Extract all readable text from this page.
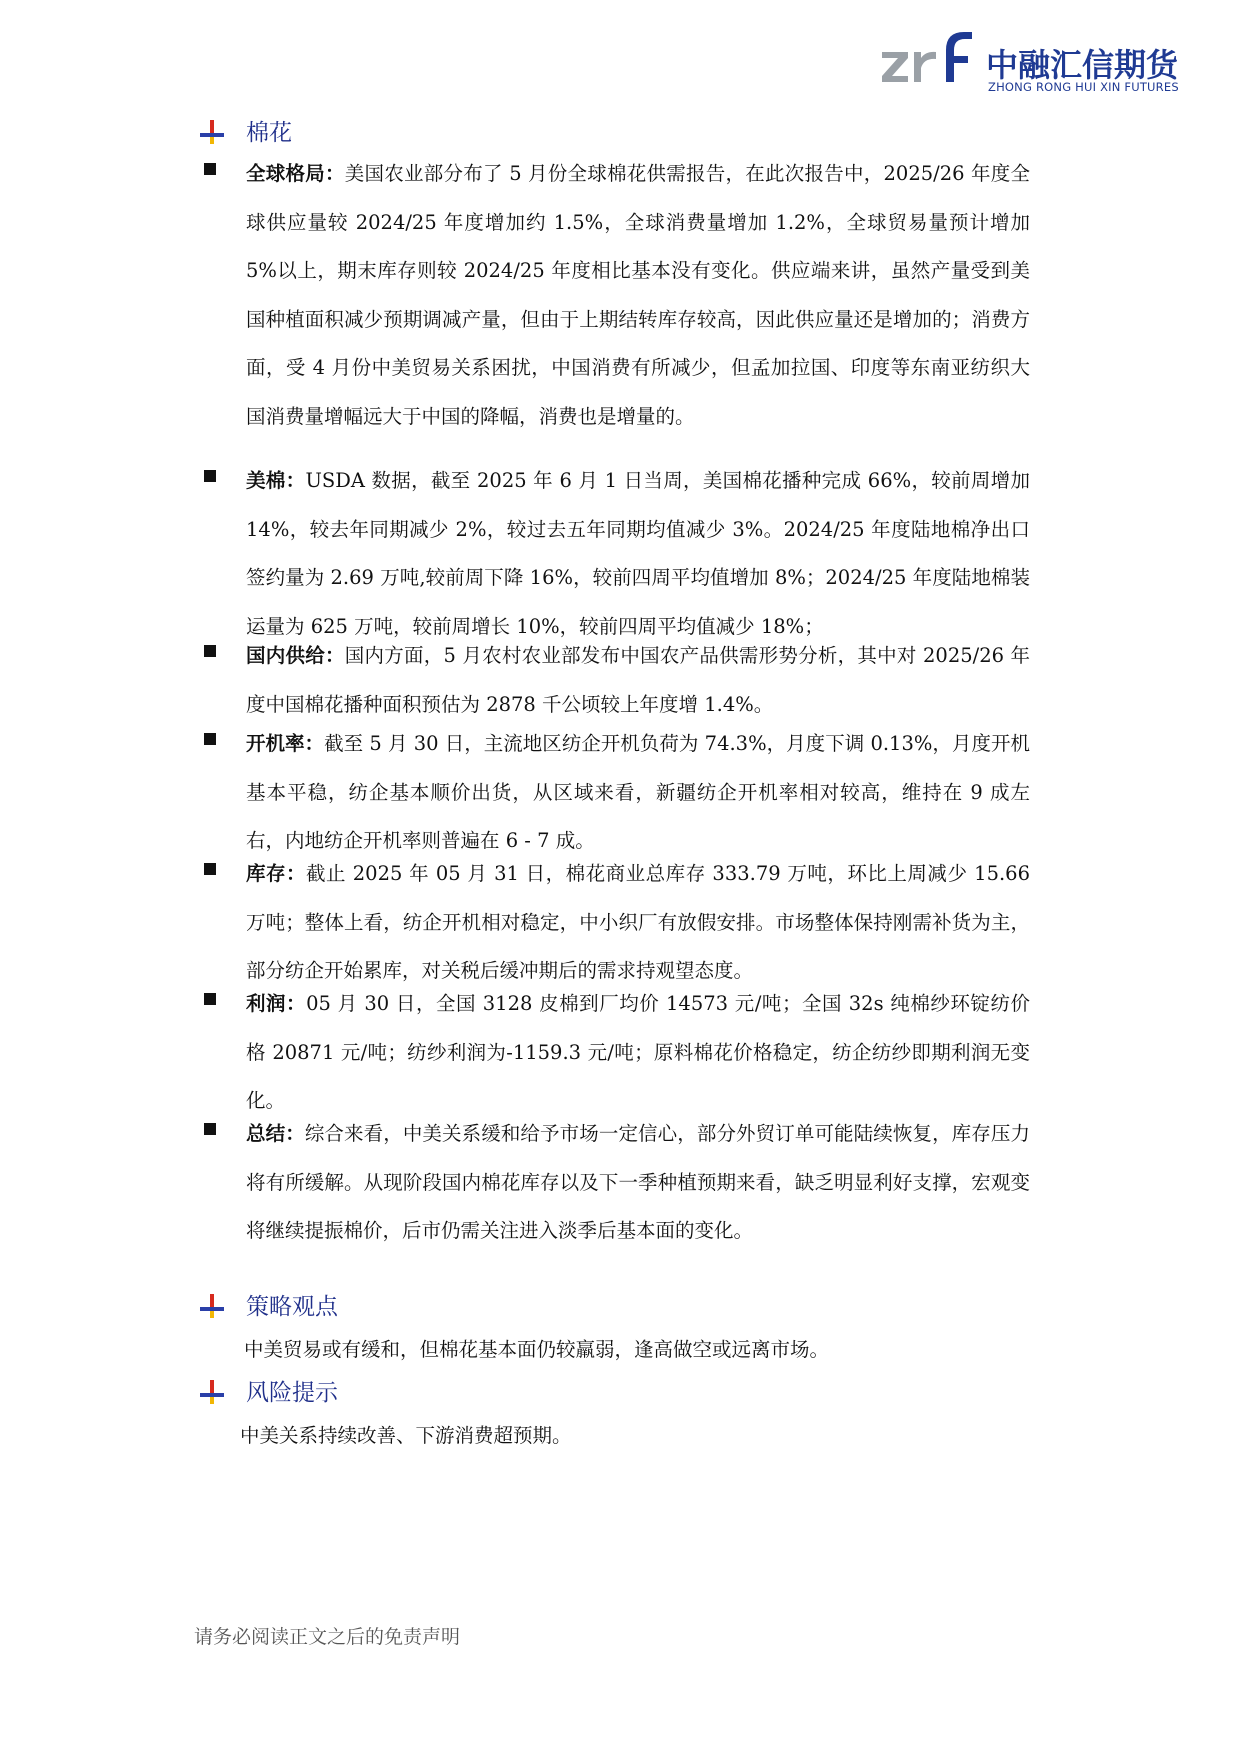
中融汇信期货
ZHONG RONG HUI XIN FUTURES
棉花
全球格局：美国农业部分布了 5 月份全球棉花供需报告，在此次报告中，2025/26 年度全球供应量较 2024/25 年度增加约 1.5%，全球消费量增加 1.2%，全球贸易量预计增加 5%以上，期末库存则较 2024/25 年度相比基本没有变化。供应端来讲，虽然产量受到美国种植面积减少预期调减产量，但由于上期结转库存较高，因此供应量还是增加的；消费方面，受 4 月份中美贸易关系困扰，中国消费有所减少，但孟加拉国、印度等东南亚纺织大国消费量增幅远大于中国的降幅，消费也是增量的。
美棉：USDA 数据，截至 2025 年 6 月 1 日当周，美国棉花播种完成 66%，较前周增加 14%，较去年同期减少 2%，较过去五年同期均值减少 3%。2024/25 年度陆地棉净出口签约量为 2.69 万吨,较前周下降 16%，较前四周平均值增加 8%；2024/25 年度陆地棉装运量为 625 万吨，较前周增长 10%，较前四周平均值减少 18%；
国内供给：国内方面，5 月农村农业部发布中国农产品供需形势分析，其中对 2025/26 年度中国棉花播种面积预估为 2878 千公顷较上年度增 1.4%。
开机率：截至 5 月 30 日，主流地区纺企开机负荷为 74.3%，月度下调 0.13%，月度开机基本平稳，纺企基本顺价出货，从区域来看，新疆纺企开机率相对较高，维持在 9 成左右，内地纺企开机率则普遍在 6 - 7 成。
库存：截止 2025 年 05 月 31 日，棉花商业总库存 333.79 万吨，环比上周减少 15.66 万吨；整体上看，纺企开机相对稳定，中小织厂有放假安排。市场整体保持刚需补货为主，部分纺企开始累库，对关税后缓冲期后的需求持观望态度。
利润：05 月 30 日，全国 3128 皮棉到厂均价 14573 元/吨；全国 32s 纯棉纱环锭纺价格 20871 元/吨；纺纱利润为-1159.3 元/吨；原料棉花价格稳定，纺企纺纱即期利润无变化。
总结：综合来看，中美关系缓和给予市场一定信心，部分外贸订单可能陆续恢复，库存压力将有所缓解。从现阶段国内棉花库存以及下一季种植预期来看，缺乏明显利好支撑，宏观变将继续提振棉价，后市仍需关注进入淡季后基本面的变化。
策略观点
中美贸易或有缓和，但棉花基本面仍较羸弱，逢高做空或远离市场。
风险提示
中美关系持续改善、下游消费超预期。
请务必阅读正文之后的免责声明
